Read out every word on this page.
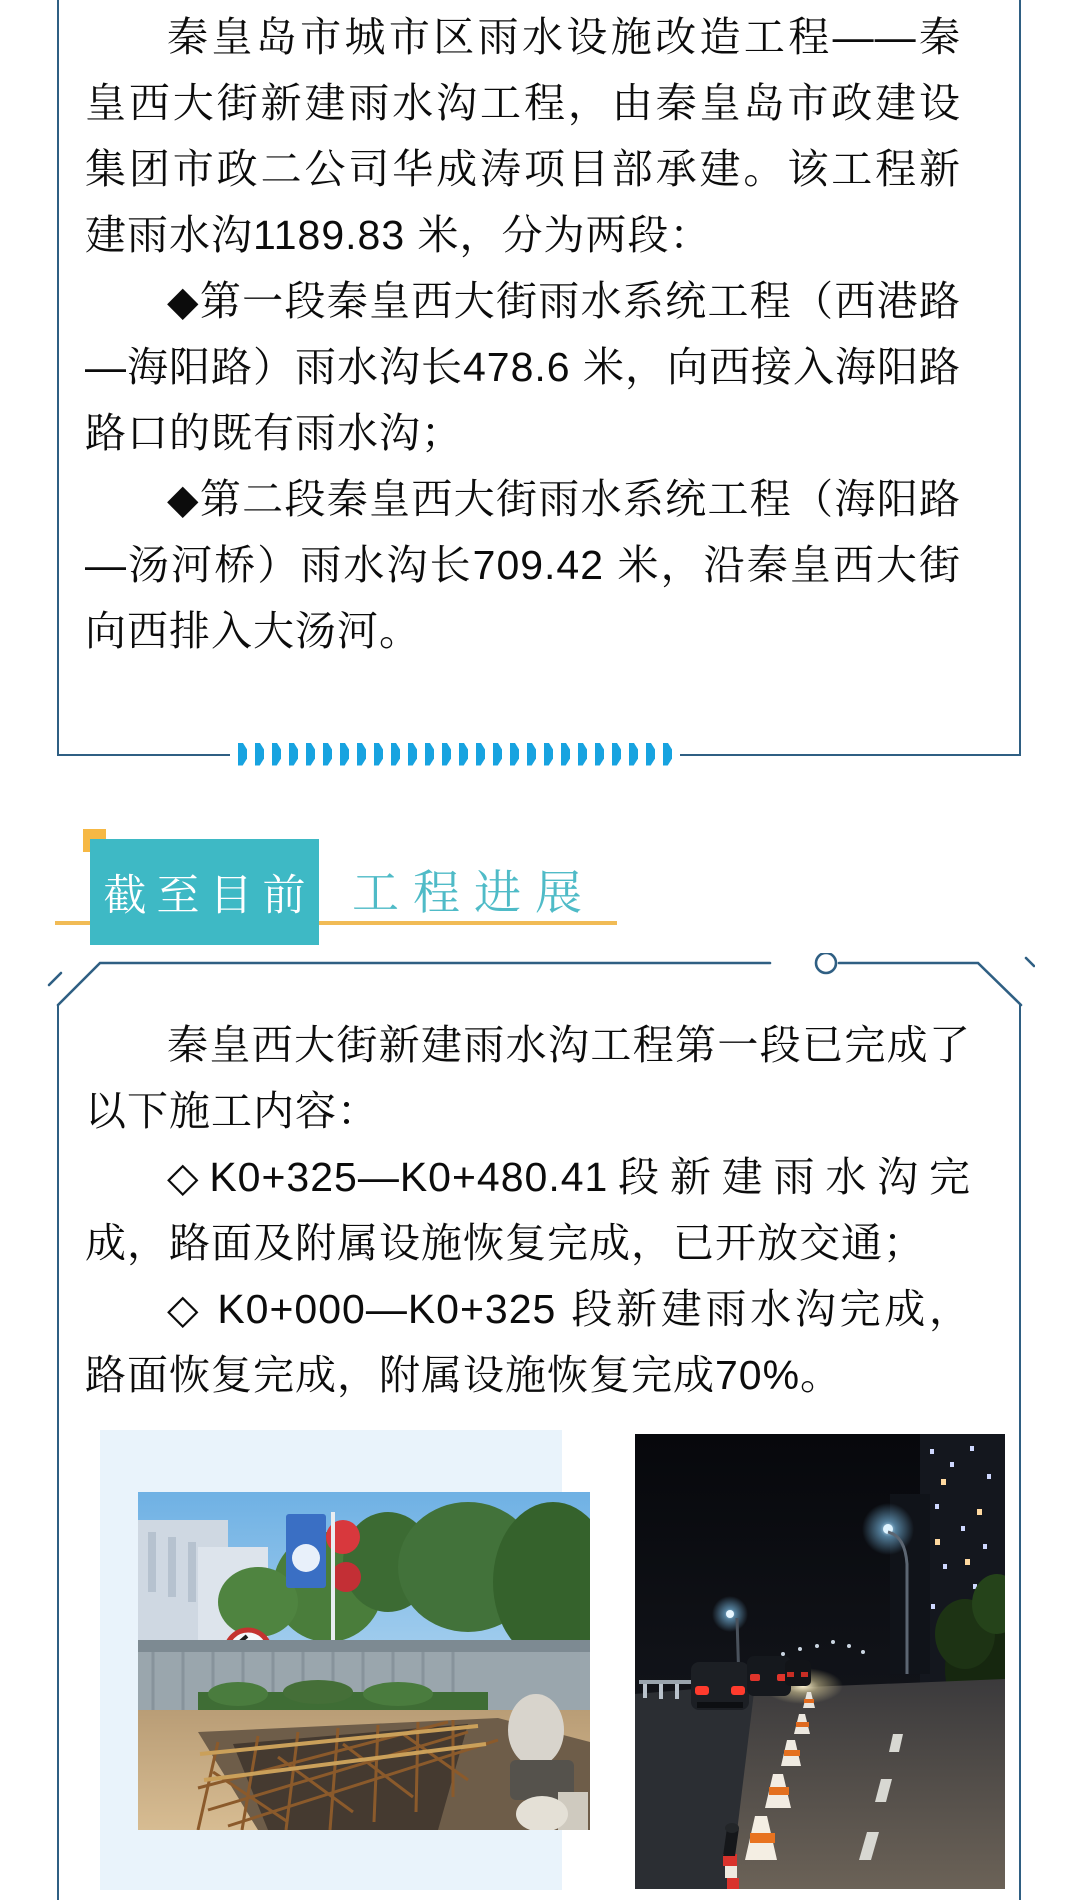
秦皇岛市城市区雨水设施改造工程——秦皇西大街新建雨水沟工程，由秦皇岛市政建设集团市政二公司华成涛项目部承建。该工程新建雨水沟1189.83 米，分为两段：

◆第一段秦皇西大街雨水系统工程（西港路—海阳路）雨水沟长478.6 米，向西接入海阳路路口的既有雨水沟；

◆第二段秦皇西大街雨水系统工程（海阳路—汤河桥）雨水沟长709.42 米，沿秦皇西大街向西排入大汤河。

截至目前 工程进展

秦皇西大街新建雨水沟工程第一段已完成了以下施工内容：

◇K0+325—K0+480.41段新建雨水沟完成，路面及附属设施恢复完成，已开放交通；

◇ K0+000—K0+325 段新建雨水沟完成，路面恢复完成，附属设施恢复完成70%。
